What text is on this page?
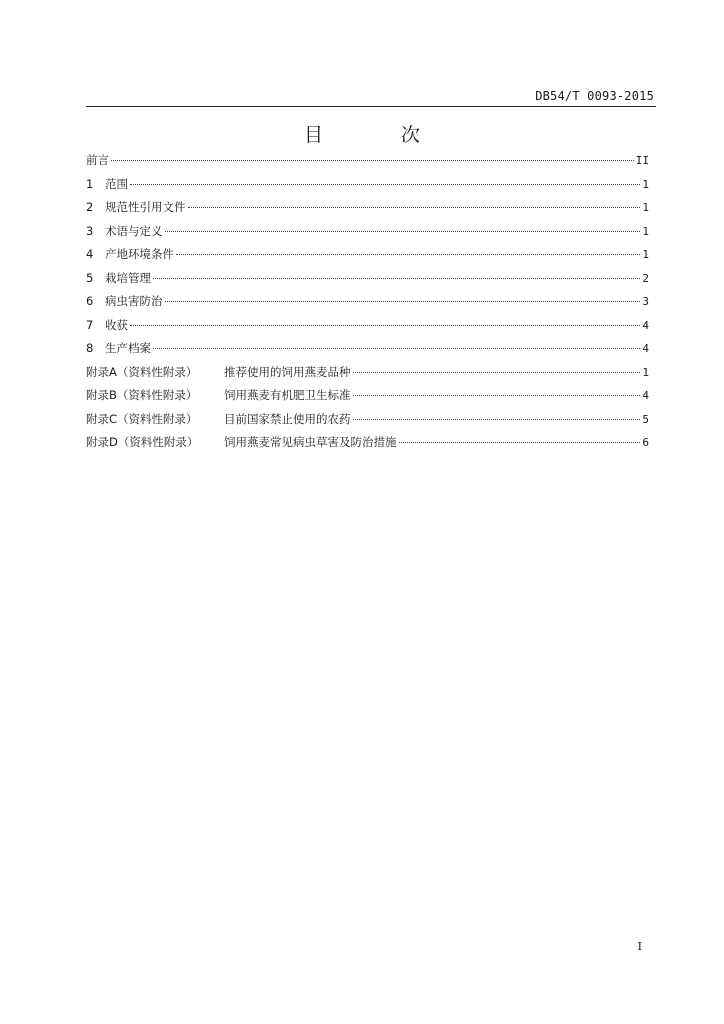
DB54/T 0093-2015
目 次
前言	II
1	范围	1
2	规范性引用文件	1
3	术语与定义	1
4	产地环境条件	1
5	栽培管理	2
6	病虫害防治	3
7	收获	4
8	生产档案	4
附录A（资料性附录）	推荐使用的饲用燕麦品种	1
附录B（资料性附录）	饲用燕麦有机肥卫生标准	4
附录C（资料性附录）	目前国家禁止使用的农药	5
附录D（资料性附录）	饲用燕麦常见病虫草害及防治措施	6
I
